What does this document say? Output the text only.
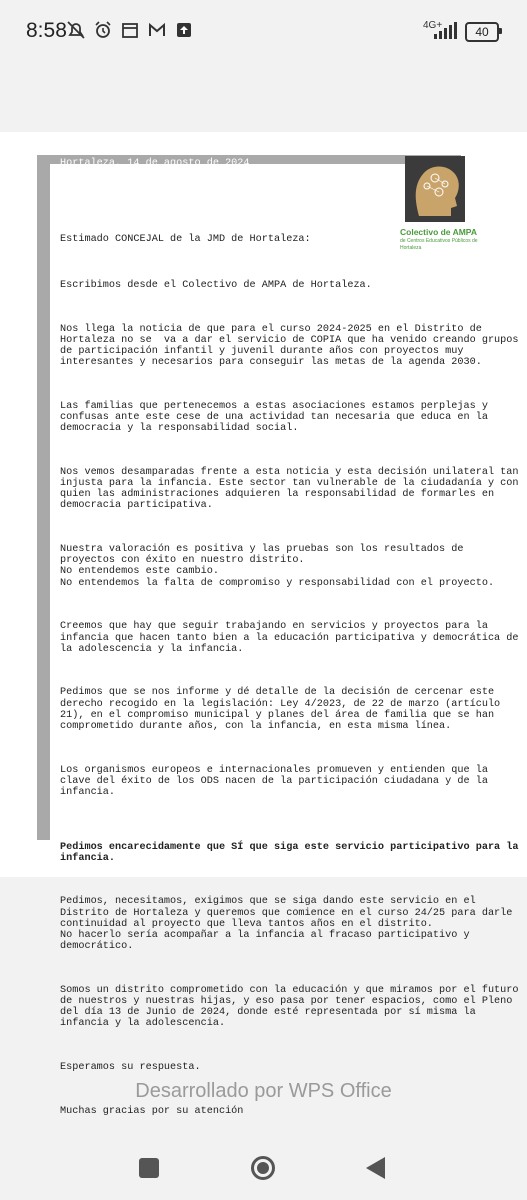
8:58	4G+	40
Hortaleza, 14 de agosto de 2024
Colectivo de AMPA
de Centros Educativos Públicos de Hortaleza

Estimado CONCEJAL de la JMD de Hortaleza:

Escribimos desde el Colectivo de AMPA de Hortaleza.

Nos llega la noticia de que para el curso 2024-2025 en el Distrito de
Hortaleza no se  va a dar el servicio de COPIA que ha venido creando
de participación infantil y juvenil durante años con proyectos muy
interesantes y necesarios para conseguir las metas de la agenda 2030.

Las familias que pertenecemos a estas asociaciones estamos perplejas y
confusas ante este cese de una actividad tan necesaria que educa en la
democracia y la responsabilidad social.

Nos vemos desamparadas frente a esta noticia y esta decisión unilateral
injusta para la infancia. Este sector tan vulnerable de la ciudadanía y
quien las administraciones adquieren la responsabilidad de formarles en
democracia participativa.

Nuestra valoración es positiva y las pruebas son los resultados de
proyectos con éxito en nuestro distrito.
No entendemos este cambio.
No entendemos la falta de compromiso y responsabilidad con el proyecto.

Creemos que hay que seguir trabajando en servicios y proyectos para la
infancia que hacen tanto bien a la educación participativa y democrática
la adolescencia y la infancia.

Pedimos que se nos informe y dé detalle de la decisión de cercenar este
derecho recogido en la legislación: Ley 4/2023, de 22 de marzo (artículo
21), en el compromiso municipal y planes del área de familia que se han
comprometido durante años, con la infancia, en esta misma línea.

Los organismos europeos e internacionales promueven y entienden que la
clave del éxito de los ODS nacen de la participación ciudadana y de la
infancia.

Pedimos encarecidamente que SÍ que siga este servicio participativo para
infancia.

Pedimos, necesitamos, exigimos que se siga dando este servicio en el
Distrito de Hortaleza y queremos que comience en el curso 24/25 para darle
continuidad al proyecto que lleva tantos años en el distrito.
No hacerlo sería acompañar a la infancia al fracaso participativo y
democrático.

Somos un distrito comprometido con la educación y que miramos por el futuro
de nuestros y nuestras hijas, y eso pasa por tener espacios, como el Pleno
del día 13 de Junio de 2024, donde esté representada por sí misma la
infancia y la adolescencia.

Esperamos su respuesta.

Muchas gracias por su atención

Desarrollado por WPS Office
